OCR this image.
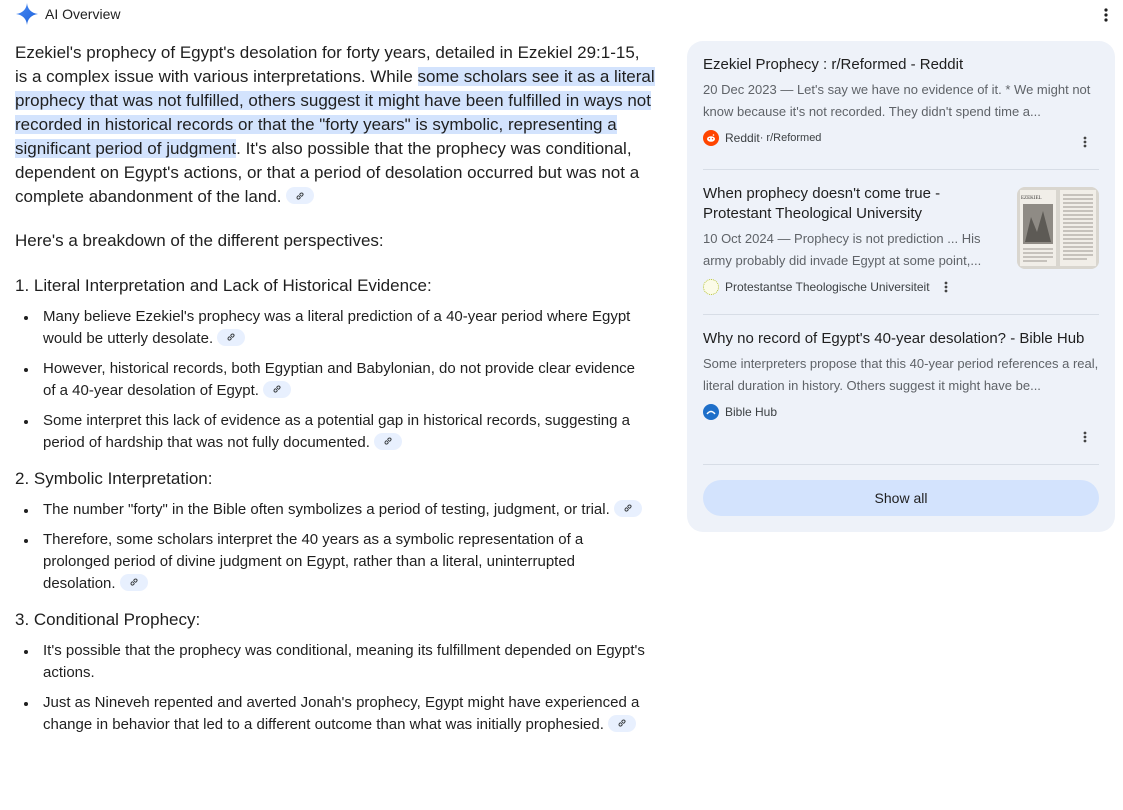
AI Overview

Ezekiel's prophecy of Egypt's desolation for forty years, detailed in Ezekiel 29:1-15, is a complex issue with various interpretations. While some scholars see it as a literal prophecy that was not fulfilled, others suggest it might have been fulfilled in ways not recorded in historical records or that the "forty years" is symbolic, representing a significant period of judgment. It's also possible that the prophecy was conditional, dependent on Egypt's actions, or that a period of desolation occurred but was not a complete abandonment of the land.

Here's a breakdown of the different perspectives:

1. Literal Interpretation and Lack of Historical Evidence:

Many believe Ezekiel's prophecy was a literal prediction of a 40-year period where Egypt would be utterly desolate.
However, historical records, both Egyptian and Babylonian, do not provide clear evidence of a 40-year desolation of Egypt.
Some interpret this lack of evidence as a potential gap in historical records, suggesting a period of hardship that was not fully documented.

2. Symbolic Interpretation:

The number "forty" in the Bible often symbolizes a period of testing, judgment, or trial.
Therefore, some scholars interpret the 40 years as a symbolic representation of a prolonged period of divine judgment on Egypt, rather than a literal, uninterrupted desolation.

3. Conditional Prophecy:

It's possible that the prophecy was conditional, meaning its fulfillment depended on Egypt's actions.
Just as Nineveh repented and averted Jonah's prophecy, Egypt might have experienced a change in behavior that led to a different outcome than what was initially prophesied.
Ezekiel Prophecy : r/Reformed - Reddit
20 Dec 2023 — Let's say we have no evidence of it. * We might not know because it's not recorded. They didn't spend time a...
Reddit · r/Reformed
When prophecy doesn't come true - Protestant Theological University
10 Oct 2024 — Prophecy is not prediction ... His army probably did invade Egypt at some point,...
Protestantse Theologische Universiteit
EZEKIEL
Why no record of Egypt's 40-year desolation? - Bible Hub
Some interpreters propose that this 40-year period references a real, literal duration in history. Others suggest it might have be...
Bible Hub
Show all
